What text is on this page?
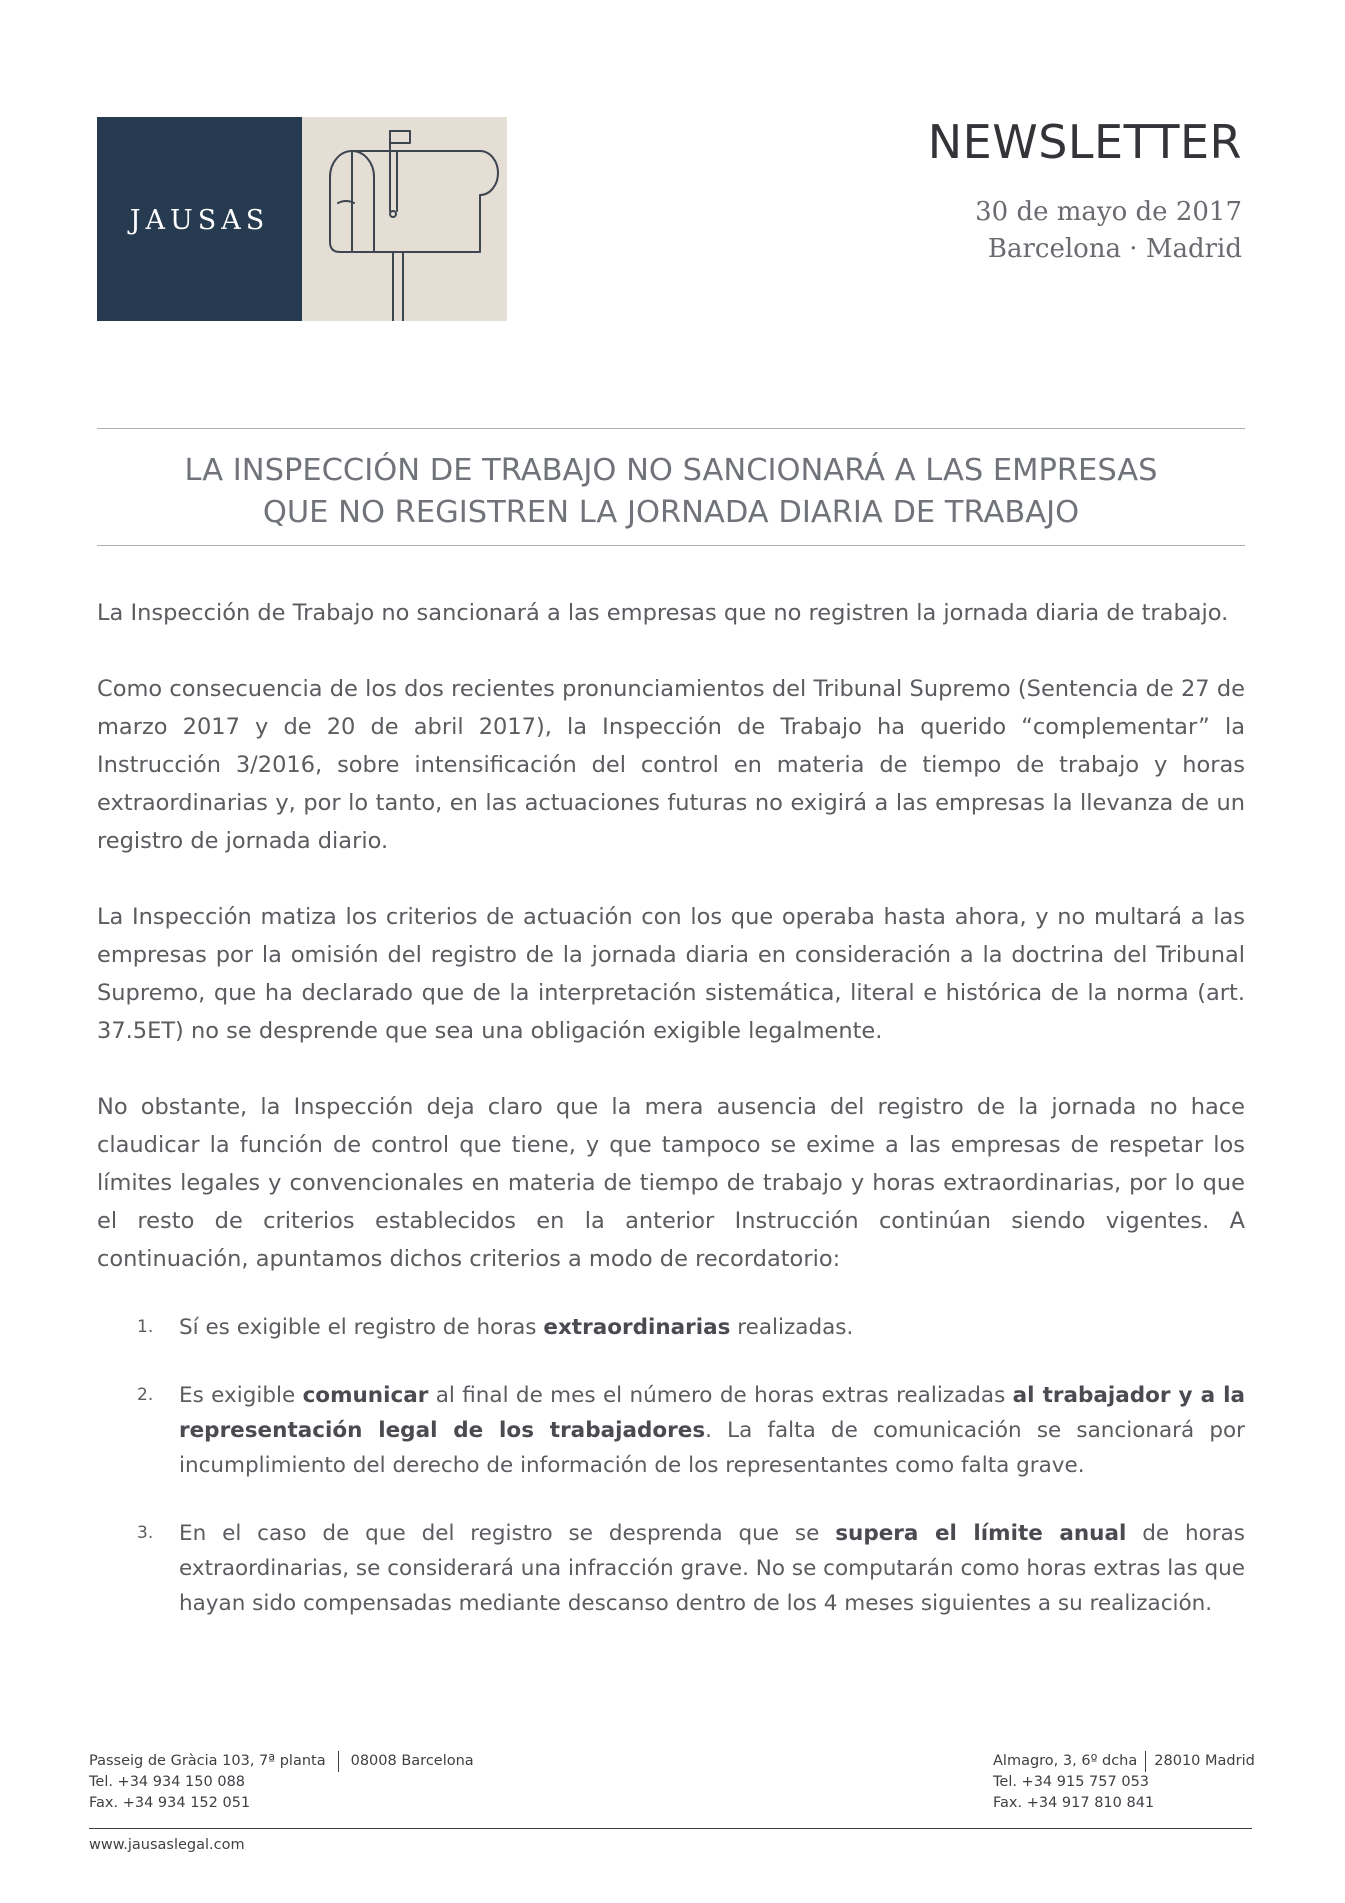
JAUSAS
NEWSLETTER
30 de mayo de 2017
Barcelona · Madrid
LA INSPECCIÓN DE TRABAJO NO SANCIONARÁ A LAS EMPRESAS
QUE NO REGISTREN LA JORNADA DIARIA DE TRABAJO

La Inspección de Trabajo no sancionará a las empresas que no registren la jornada diaria de trabajo.

Como consecuencia de los dos recientes pronunciamientos del Tribunal Supremo (Sentencia de 27 de marzo 2017 y de 20 de abril 2017), la Inspección de Trabajo ha querido “complementar” la Instrucción 3/2016, sobre intensificación del control en materia de tiempo de trabajo y horas extraordinarias y, por lo tanto, en las actuaciones futuras no exigirá a las empresas la llevanza de un registro de jornada diario.

La Inspección matiza los criterios de actuación con los que operaba hasta ahora, y no multará a las empresas por la omisión del registro de la jornada diaria en consideración a la doctrina del Tribunal Supremo, que ha declarado que de la interpretación sistemática, literal e histórica de la norma (art. 37.5ET) no se desprende que sea una obligación exigible legalmente.

No obstante, la Inspección deja claro que la mera ausencia del registro de la jornada no hace claudicar la función de control que tiene, y que tampoco se exime a las empresas de respetar los límites legales y convencionales en materia de tiempo de trabajo y horas extraordinarias, por lo que el resto de criterios establecidos en la anterior Instrucción continúan siendo vigentes. A continuación, apuntamos dichos criterios a modo de recordatorio:

1. Sí es exigible el registro de horas extraordinarias realizadas.
2. Es exigible comunicar al final de mes el número de horas extras realizadas al trabajador y a la representación legal de los trabajadores. La falta de comunicación se sancionará por incumplimiento del derecho de información de los representantes como falta grave.
3. En el caso de que del registro se desprenda que se supera el límite anual de horas extraordinarias, se considerará una infracción grave. No se computarán como horas extras las que hayan sido compensadas mediante descanso dentro de los 4 meses siguientes a su realización.
Passeig de Gràcia 103, 7ª planta 08008 Barcelona
Tel. +34 934 150 088
Fax. +34 934 152 051
Almagro, 3, 6º dcha 28010 Madrid
Tel. +34 915 757 053
Fax. +34 917 810 841
www.jausaslegal.com
